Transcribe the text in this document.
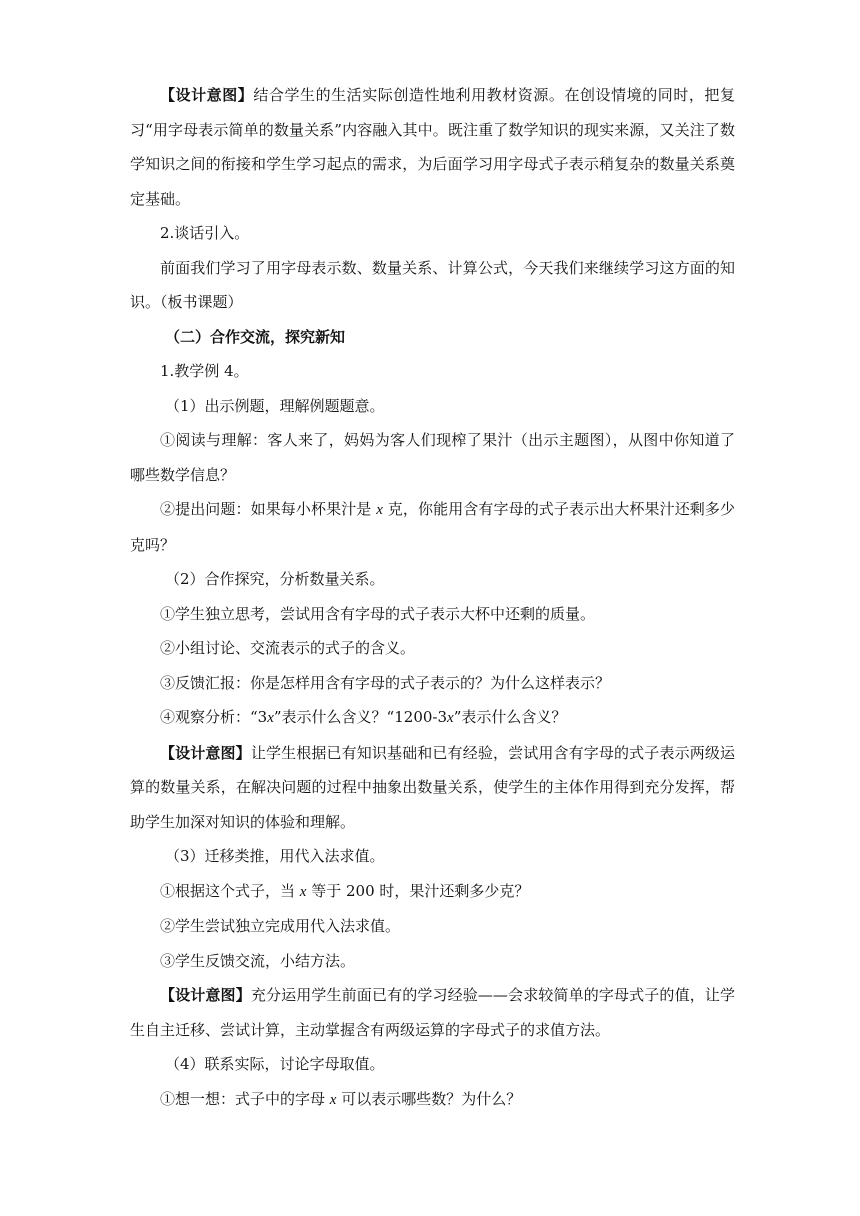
【设计意图】结合学生的生活实际创造性地利用教材资源。在创设情境的同时，把复习“用字母表示简单的数量关系”内容融入其中。既注重了数学知识的现实来源，又关注了数学知识之间的衔接和学生学习起点的需求，为后面学习用字母式子表示稍复杂的数量关系奠定基础。

2.谈话引入。

前面我们学习了用字母表示数、数量关系、计算公式，今天我们来继续学习这方面的知识。（板书课题）

（二）合作交流，探究新知

1.教学例 4。

（1）出示例题，理解例题题意。

①阅读与理解：客人来了，妈妈为客人们现榨了果汁（出示主题图），从图中你知道了哪些数学信息？

②提出问题：如果每小杯果汁是 x 克，你能用含有字母的式子表示出大杯果汁还剩多少克吗？

（2）合作探究，分析数量关系。

①学生独立思考，尝试用含有字母的式子表示大杯中还剩的质量。

②小组讨论、交流表示的式子的含义。

③反馈汇报：你是怎样用含有字母的式子表示的？为什么这样表示？

④观察分析：“3x”表示什么含义？“1200-3x”表示什么含义？

【设计意图】让学生根据已有知识基础和已有经验，尝试用含有字母的式子表示两级运算的数量关系，在解决问题的过程中抽象出数量关系，使学生的主体作用得到充分发挥，帮助学生加深对知识的体验和理解。

（3）迁移类推，用代入法求值。

①根据这个式子，当 x 等于 200 时，果汁还剩多少克？

②学生尝试独立完成用代入法求值。

③学生反馈交流，小结方法。

【设计意图】充分运用学生前面已有的学习经验——会求较简单的字母式子的值，让学生自主迁移、尝试计算，主动掌握含有两级运算的字母式子的求值方法。

（4）联系实际，讨论字母取值。

①想一想：式子中的字母 x 可以表示哪些数？为什么？
